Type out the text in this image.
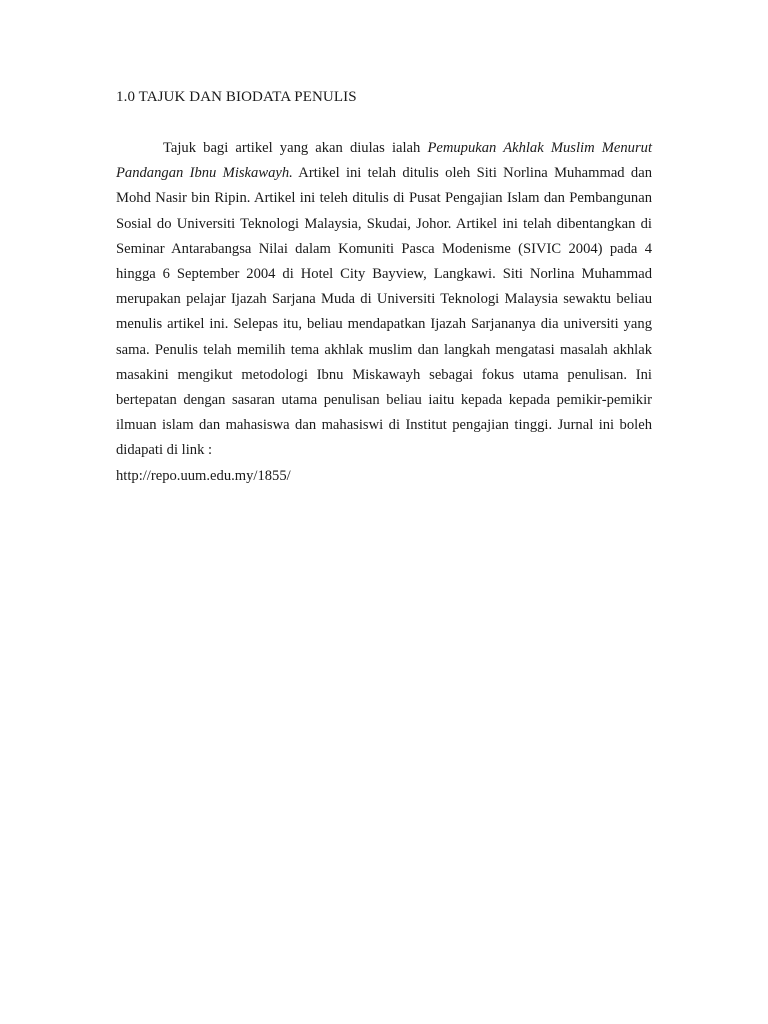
1.0 TAJUK DAN BIODATA PENULIS

Tajuk bagi artikel yang akan diulas ialah Pemupukan Akhlak Muslim Menurut Pandangan Ibnu Miskawayh. Artikel ini telah ditulis oleh Siti Norlina Muhammad dan Mohd Nasir bin Ripin. Artikel ini teleh ditulis di Pusat Pengajian Islam dan Pembangunan Sosial do Universiti Teknologi Malaysia, Skudai, Johor. Artikel ini telah dibentangkan di Seminar Antarabangsa Nilai dalam Komuniti Pasca Modenisme (SIVIC 2004) pada 4 hingga 6 September 2004 di Hotel City Bayview, Langkawi. Siti Norlina Muhammad merupakan pelajar Ijazah Sarjana Muda di Universiti Teknologi Malaysia sewaktu beliau menulis artikel ini. Selepas itu, beliau mendapatkan Ijazah Sarjananya dia universiti yang sama. Penulis telah memilih tema akhlak muslim dan langkah mengatasi masalah akhlak masakini mengikut metodologi Ibnu Miskawayh sebagai fokus utama penulisan. Ini bertepatan dengan sasaran utama penulisan beliau iaitu kepada kepada pemikir-pemikir ilmuan islam dan mahasiswa dan mahasiswi di Institut pengajian tinggi. Jurnal ini boleh didapati di link :

http://repo.uum.edu.my/1855/
